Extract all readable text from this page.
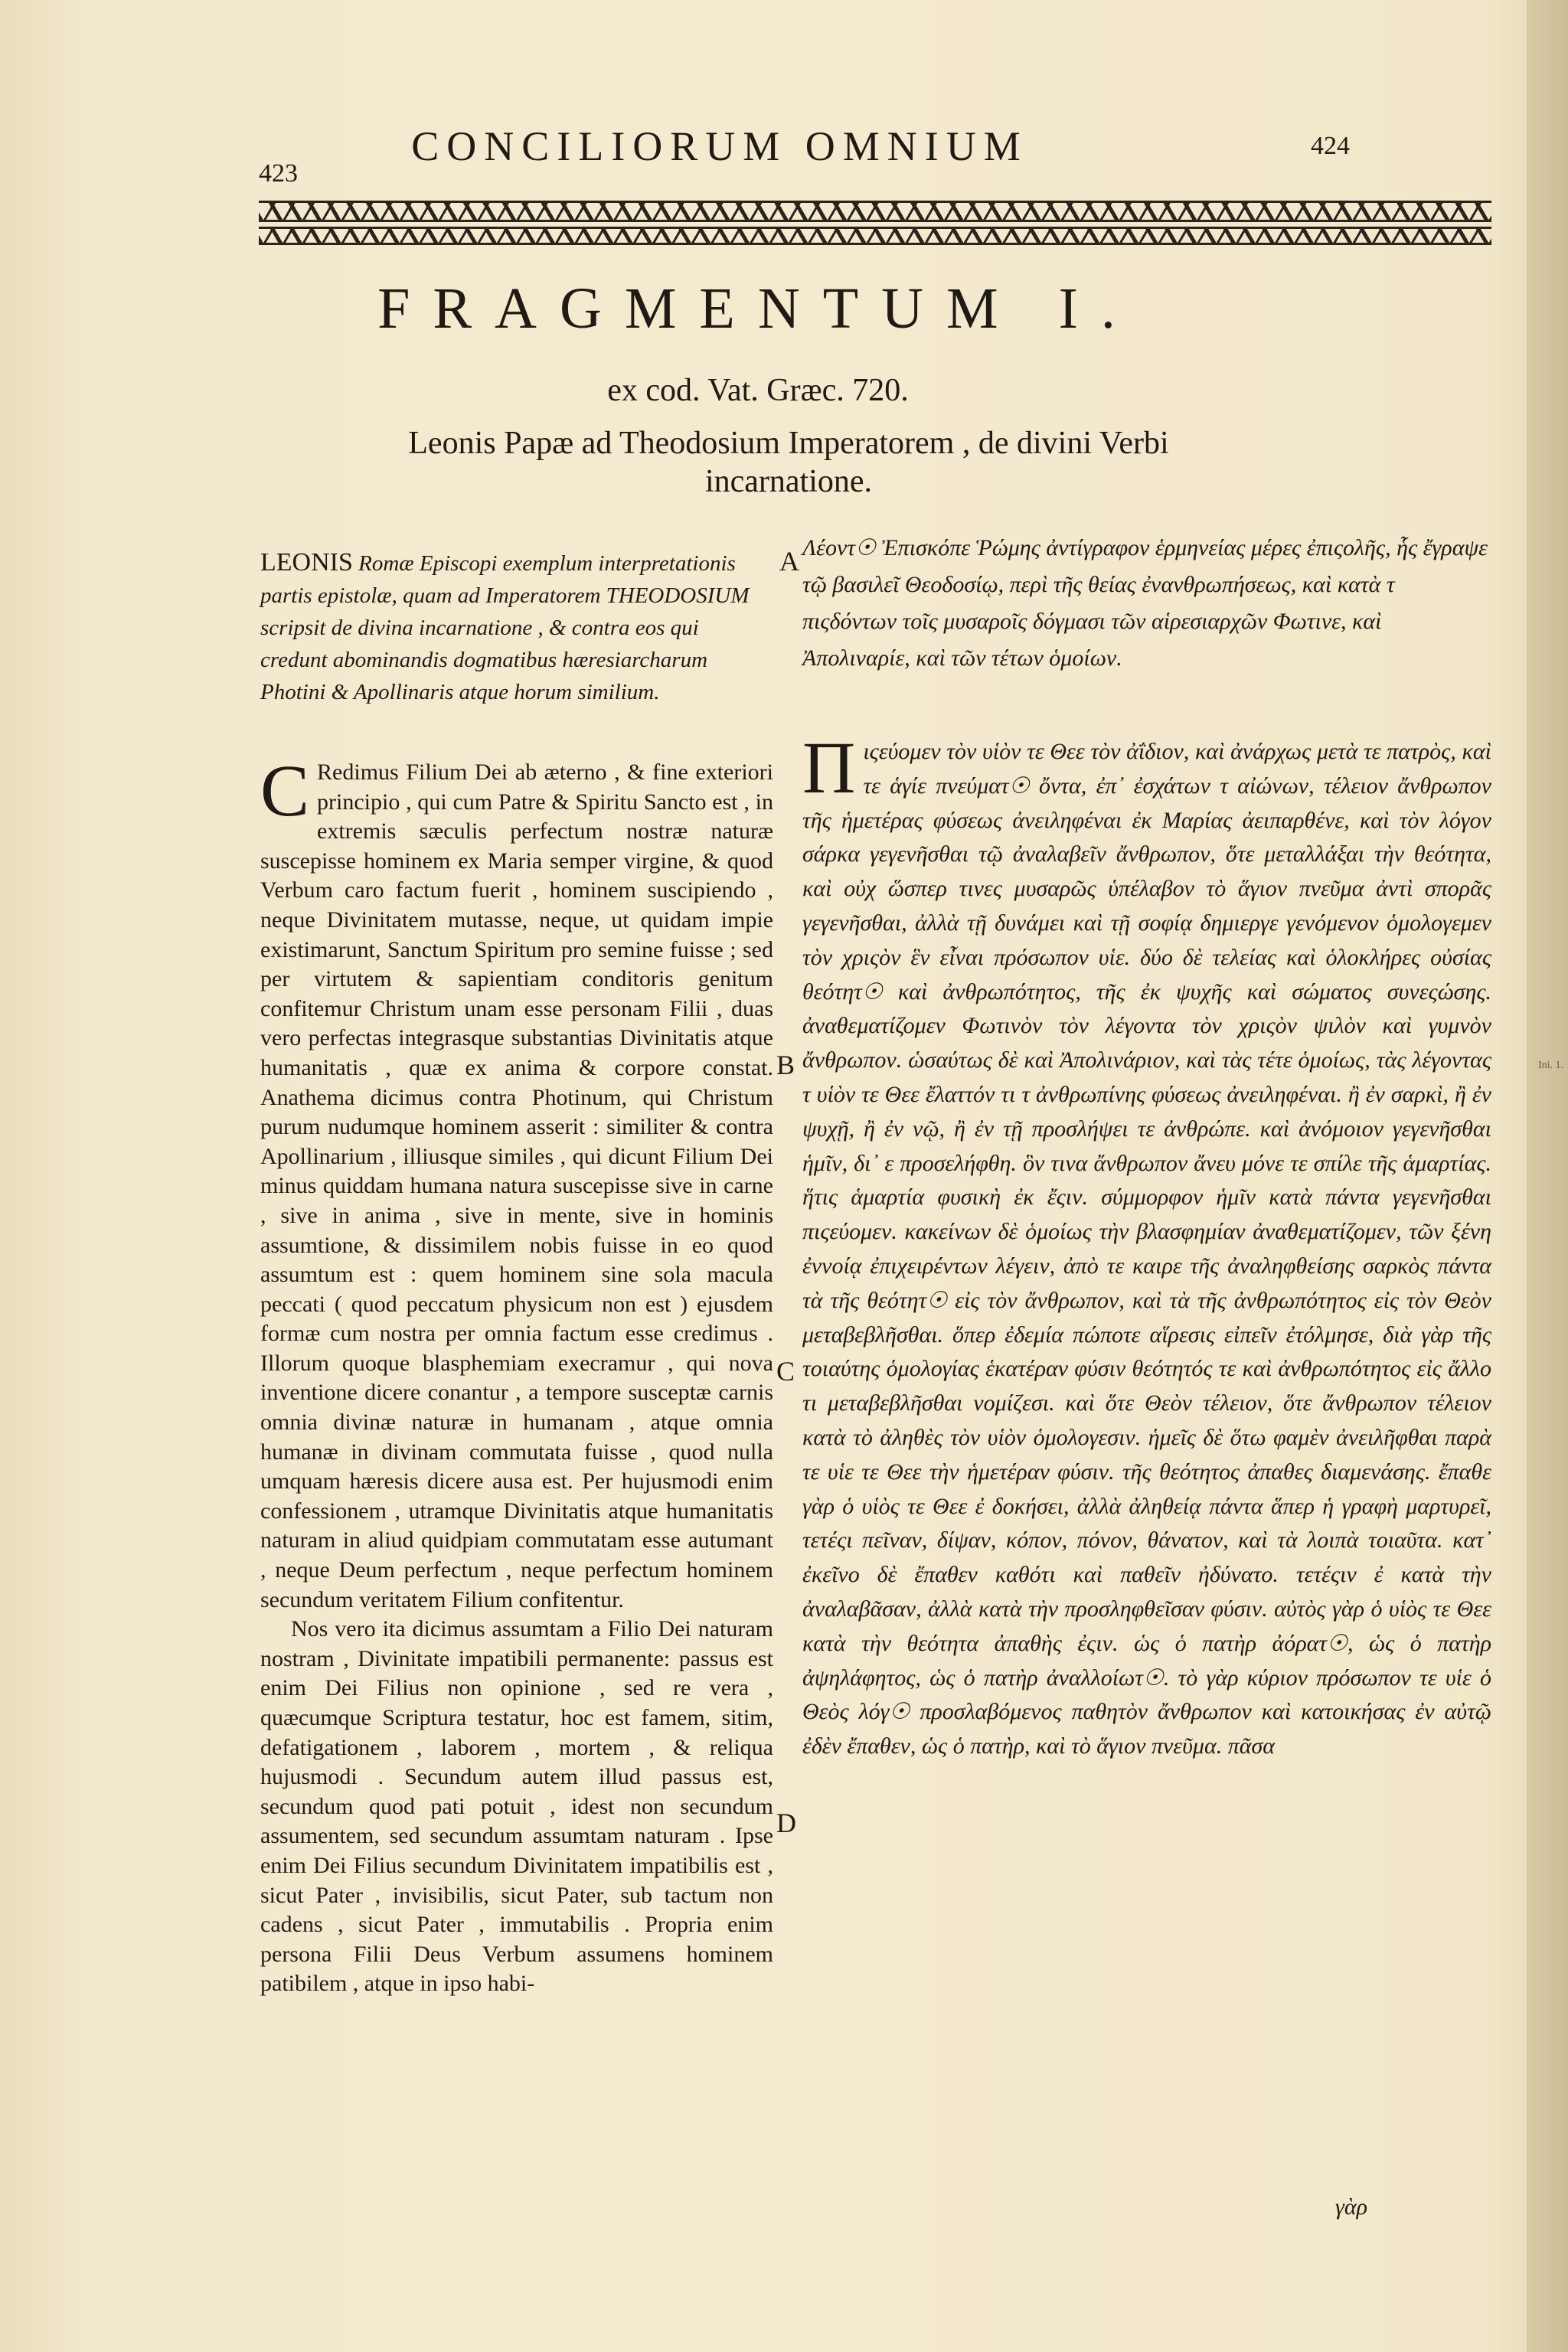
Ini. 1.
423
CONCILIORUM OMNIUM	424
FRAGMENTUM I.
ex cod. Vat. Græc. 720.
Leonis Papæ ad Theodosium Imperatorem , de divini Verbi incarnatione.
LEONIS Romæ Episcopi exemplum interpretationis partis epistolæ, quam ad Imperatorem THEODOSIUM scripsit de divina incarnatione , & contra eos qui credunt abominandis dogmatibus hæresiarcharum Photini & Apollinaris atque horum similium.
A Λέοντ☉ Ἐπισκόπε Ῥώμης ἀντίγραφον ἑρμηνείας μέρες ἐπιςολῆς, ἧς ἔγραψε τῷ βασιλεῖ Θεοδοσίῳ, περὶ τῆς θείας ἐνανθρωπήσεως, καὶ κατὰ τ πιςδόντων τοῖς μυσαροῖς δόγμασι τῶν αἱρεσιαρχῶν Φωτινε, καὶ Ἀπολιναρίε, καὶ τῶν τέτων ὁμοίων.

C Redimus Filium Dei ab æterno , & fine exteriori principio , qui cum Patre & Spiritu Sancto est , in extremis sæculis perfectum nostræ naturæ suscepisse hominem ex Maria semper virgine, & quod Verbum caro factum fuerit , hominem suscipiendo , neque Divinitatem mutasse, neque, ut quidam impie existimarunt, Sanctum Spiritum pro semine fuisse ; sed per virtutem & sapientiam conditoris genitum confitemur Christum unam esse personam Filii , duas vero perfectas integrasque substantias Divinitatis atque humanitatis , quæ ex anima & corpore constat. Anathema dicimus contra Photinum, qui Christum purum nudumque hominem asserit : similiter & contra Apollinarium , illiusque similes , qui dicunt Filium Dei minus quiddam humana natura suscepisse sive in carne , sive in anima , sive in mente, sive in hominis assumtione, & dissimilem nobis fuisse in eo quod assumtum est : quem hominem sine sola macula peccati ( quod peccatum physicum non est ) ejusdem formæ cum nostra per omnia factum esse credimus . Illorum quoque blasphemiam execramur , qui nova inventione dicere conantur , a tempore susceptæ carnis omnia divinæ naturæ in humanam , atque omnia humanæ in divinam commutata fuisse , quod nulla umquam hæresis dicere ausa est. Per hujusmodi enim confessionem , utramque Divinitatis atque humanitatis naturam in aliud quidpiam commutatam esse autumant , neque Deum perfectum , neque perfectum hominem secundum veritatem Filium confitentur.

Nos vero ita dicimus assumtam a Filio Dei naturam nostram , Divinitate impatibili permanente: passus est enim Dei Filius non opinione , sed re vera , quæcumque Scriptura testatur, hoc est famem, sitim, defatigationem , laborem , mortem , & reliqua hujusmodi . Secundum autem illud passus est, secundum quod pati potuit , idest non secundum assumentem, sed secundum assumtam naturam . Ipse enim Dei Filius secundum Divinitatem impatibilis est , sicut Pater , invisibilis, sicut Pater, sub tactum non cadens , sicut Pater , immutabilis . Propria enim persona Filii Deus Verbum assumens hominem patibilem , atque in ipso habi-

B
C
D

Πιςεύομεν τὸν υἱὸν τε Θεε τὸν ἀΐδιον, καὶ ἀνάρχως μετὰ τε πατρὸς, καὶ τε ἁγίε πνεύματ☉ ὄντα, ἐπ᾽ ἐσχάτων τ αἰώνων, τέλειον ἄνθρωπον τῆς ἡμετέρας φύσεως ἀνειληφέναι ἐκ Μαρίας ἀειπαρθένε, καὶ τὸν λόγον σάρκα γεγενῆσθαι τῷ ἀναλαβεῖν ἄνθρωπον, ὅτε μεταλλάξαι τὴν θεότητα, καὶ οὐχ ὥσπερ τινες μυσαρῶς ὑπέλαβον τὸ ἅγιον πνεῦμα ἀντὶ σπορᾶς γεγενῆσθαι, ἀλλὰ τῇ δυνάμει καὶ τῇ σοφίᾳ δημιεργε γενόμενον ὁμολογεμεν τὸν χριςὸν ἓν εἶναι πρόσωπον υἱε. δύο δὲ τελείας καὶ ὁλοκλήρες οὐσίας θεότητ☉ καὶ ἀνθρωπότητος, τῆς ἐκ ψυχῆς καὶ σώματος συνεςώσης. ἀναθεματίζομεν Φωτινὸν τὸν λέγοντα τὸν χριςὸν ψιλὸν καὶ γυμνὸν ἄνθρωπον. ὡσαύτως δὲ καὶ Ἀπολινάριον, καὶ τὰς τέτε ὁμοίως, τὰς λέγοντας τ υἱὸν τε Θεε ἔλαττόν τι τ ἀνθρωπίνης φύσεως ἀνειληφέναι. ἢ ἐν σαρκὶ, ἢ ἐν ψυχῇ, ἢ ἐν νῷ, ἢ ἐν τῇ προσλήψει τε ἀνθρώπε. καὶ ἀνόμοιον γεγενῆσθαι ἡμῖν, δι᾽ ε προσελήφθη. ὃν τινα ἄνθρωπον ἄνευ μόνε τε σπίλε τῆς ἁμαρτίας. ἥτις ἁμαρτία φυσικὴ ἐκ ἔςιν. σύμμορφον ἡμῖν κατὰ πάντα γεγενῆσθαι πιςεύομεν. κακείνων δὲ ὁμοίως τὴν βλασφημίαν ἀναθεματίζομεν, τῶν ξένη ἐννοίᾳ ἐπιχειρέντων λέγειν, ἀπὸ τε καιρε τῆς ἀναληφθείσης σαρκὸς πάντα τὰ τῆς θεότητ☉ εἰς τὸν ἄνθρωπον, καὶ τὰ τῆς ἀνθρωπότητος εἰς τὸν Θεὸν μεταβεβλῆσθαι. ὅπερ ἐδεμία πώποτε αἵρεσις εἰπεῖν ἐτόλμησε, διὰ γὰρ τῆς τοιαύτης ὁμολογίας ἑκατέραν φύσιν θεότητός τε καὶ ἀνθρωπότητος εἰς ἄλλο τι μεταβεβλῆσθαι νομίζεσι. καὶ ὅτε Θεὸν τέλειον, ὅτε ἄνθρωπον τέλειον κατὰ τὸ ἀληθὲς τὸν υἱὸν ὁμολογεσιν. ἡμεῖς δὲ ὅτω φαμὲν ἀνειλῆφθαι παρὰ τε υἱε τε Θεε τὴν ἡμετέραν φύσιν. τῆς θεότητος ἀπαθες διαμενάσης. ἔπαθε γὰρ ὁ υἱὸς τε Θεε ἐ δοκήσει, ἀλλὰ ἀληθείᾳ πάντα ἅπερ ἡ γραφὴ μαρτυρεῖ, τετέςι πεῖναν, δίψαν, κόπον, πόνον, θάνατον, καὶ τὰ λοιπὰ τοιαῦτα. κατ᾽ ἐκεῖνο δὲ ἔπαθεν καθότι καὶ παθεῖν ἠδύνατο. τετέςιν ἐ κατὰ τὴν ἀναλαβᾶσαν, ἀλλὰ κατὰ τὴν προσληφθεῖσαν φύσιν. αὐτὸς γὰρ ὁ υἱὸς τε Θεε κατὰ τὴν θεότητα ἀπαθὴς ἐςιν. ὡς ὁ πατὴρ ἀόρατ☉, ὡς ὁ πατὴρ ἀψηλάφητος, ὡς ὁ πατὴρ ἀναλλοίωτ☉. τὸ γὰρ κύριον πρόσωπον τε υἱε ὁ Θεὸς λόγ☉ προσλαβόμενος παθητὸν ἄνθρωπον καὶ κατοικήσας ἐν αὐτῷ ἐδὲν ἔπαθεν, ὡς ὁ πατὴρ, καὶ τὸ ἅγιον πνεῦμα. πᾶσα

γὰρ
